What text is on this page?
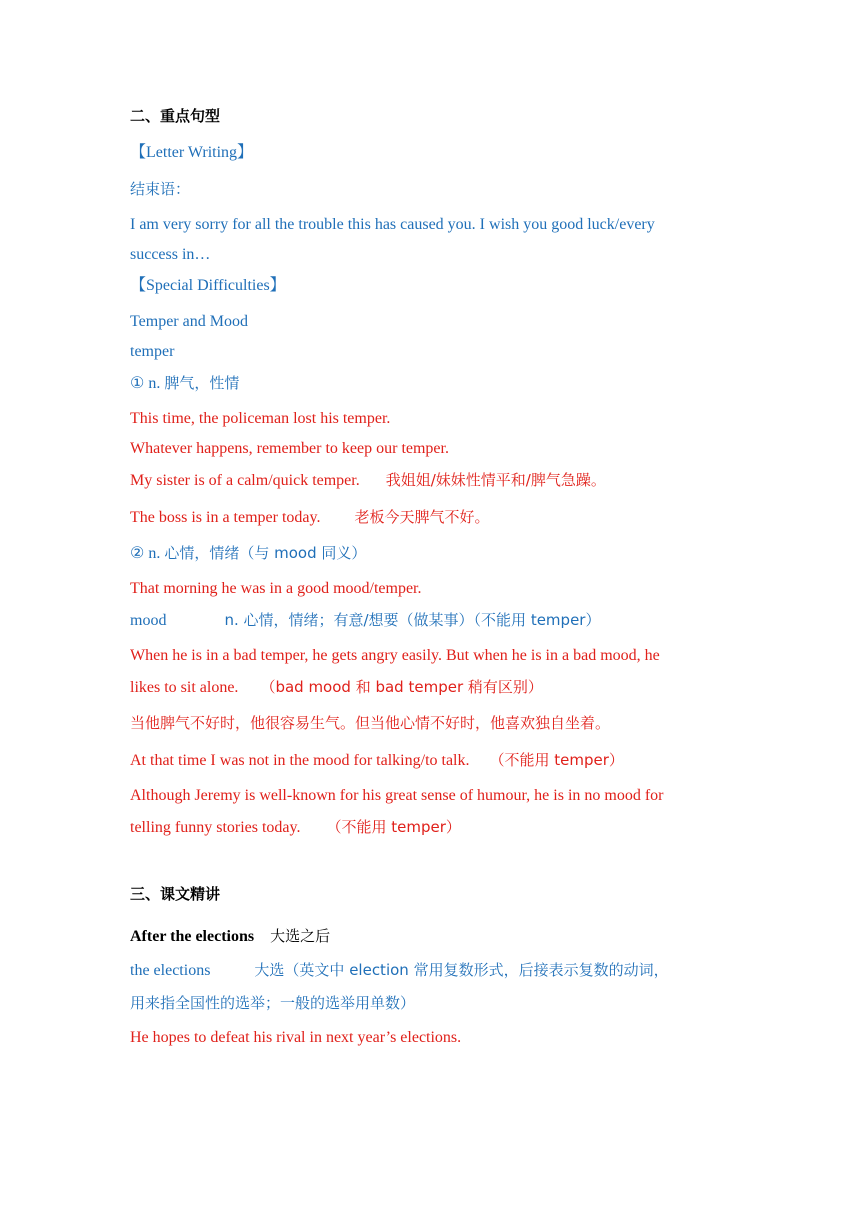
二、重点句型
【Letter Writing】
结束语：
I am very sorry for all the trouble this has caused you. I wish you good luck/every
success in…
【Special Difficulties】
Temper and Mood
temper
① n. 脾气，性情
This time, the policeman lost his temper.
Whatever happens, remember to keep our temper.
My sister is of a calm/quick temper. 我姐姐/妹妹性情平和/脾气急躁。
The boss is in a temper today. 老板今天脾气不好。
② n. 心情，情绪（与 mood 同义）
That morning he was in a good mood/temper.
mood	n. 心情，情绪；有意/想要（做某事）（不能用 temper）
When he is in a bad temper, he gets angry easily. But when he is in a bad mood, he
likes to sit alone. （bad mood 和 bad temper 稍有区别）
当他脾气不好时，他很容易生气。但当他心情不好时，他喜欢独自坐着。
At that time I was not in the mood for talking/to talk. （不能用 temper）
Although Jeremy is well-known for his great sense of humour, he is in no mood for
telling funny stories today. （不能用 temper）
三、课文精讲
After the elections 大选之后
the elections	大选（英文中 election 常用复数形式，后接表示复数的动词，
用来指全国性的选举；一般的选举用单数）
He hopes to defeat his rival in next year’s elections.
